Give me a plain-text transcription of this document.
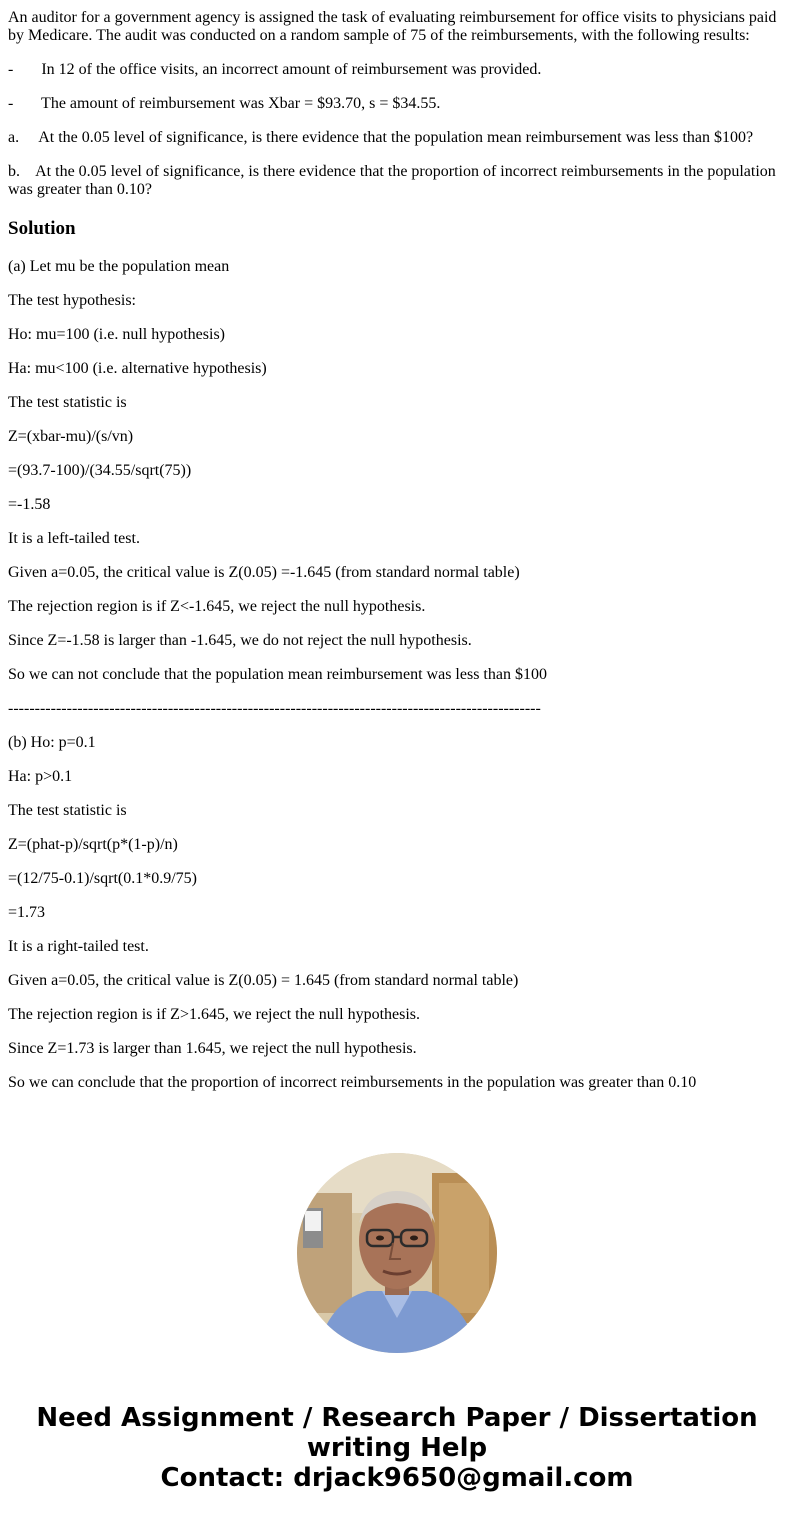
An auditor for a government agency is assigned the task of evaluating reimbursement for office visits to physicians paid by Medicare. The audit was conducted on a random sample of 75 of the reimbursements, with the following results:

-       In 12 of the office visits, an incorrect amount of reimbursement was provided.

-       The amount of reimbursement was Xbar = $93.70, s = $34.55.

a.     At the 0.05 level of significance, is there evidence that the population mean reimbursement was less than $100?

b.    At the 0.05 level of significance, is there evidence that the proportion of incorrect reimbursements in the population was greater than 0.10?

Solution

(a) Let mu be the population mean

The test hypothesis:

Ho: mu=100 (i.e. null hypothesis)

Ha: mu<100 (i.e. alternative hypothesis)

The test statistic is

Z=(xbar-mu)/(s/vn)

=(93.7-100)/(34.55/sqrt(75))

=-1.58

It is a left-tailed test.

Given a=0.05, the critical value is Z(0.05) =-1.645 (from standard normal table)

The rejection region is if Z<-1.645, we reject the null hypothesis.

Since Z=-1.58 is larger than -1.645, we do not reject the null hypothesis.

So we can not conclude that the population mean reimbursement was less than $100

----------------------------------------------------------------------------------------------------

(b) Ho: p=0.1

Ha: p>0.1

The test statistic is

Z=(phat-p)/sqrt(p*(1-p)/n)

=(12/75-0.1)/sqrt(0.1*0.9/75)

=1.73

It is a right-tailed test.

Given a=0.05, the critical value is Z(0.05) = 1.645 (from standard normal table)

The rejection region is if Z>1.645, we reject the null hypothesis.

Since Z=1.73 is larger than 1.645, we reject the null hypothesis.

So we can conclude that the proportion of incorrect reimbursements in the population was greater than 0.10

Need Assignment / Research Paper / Dissertation
writing Help
Contact: drjack9650@gmail.com
